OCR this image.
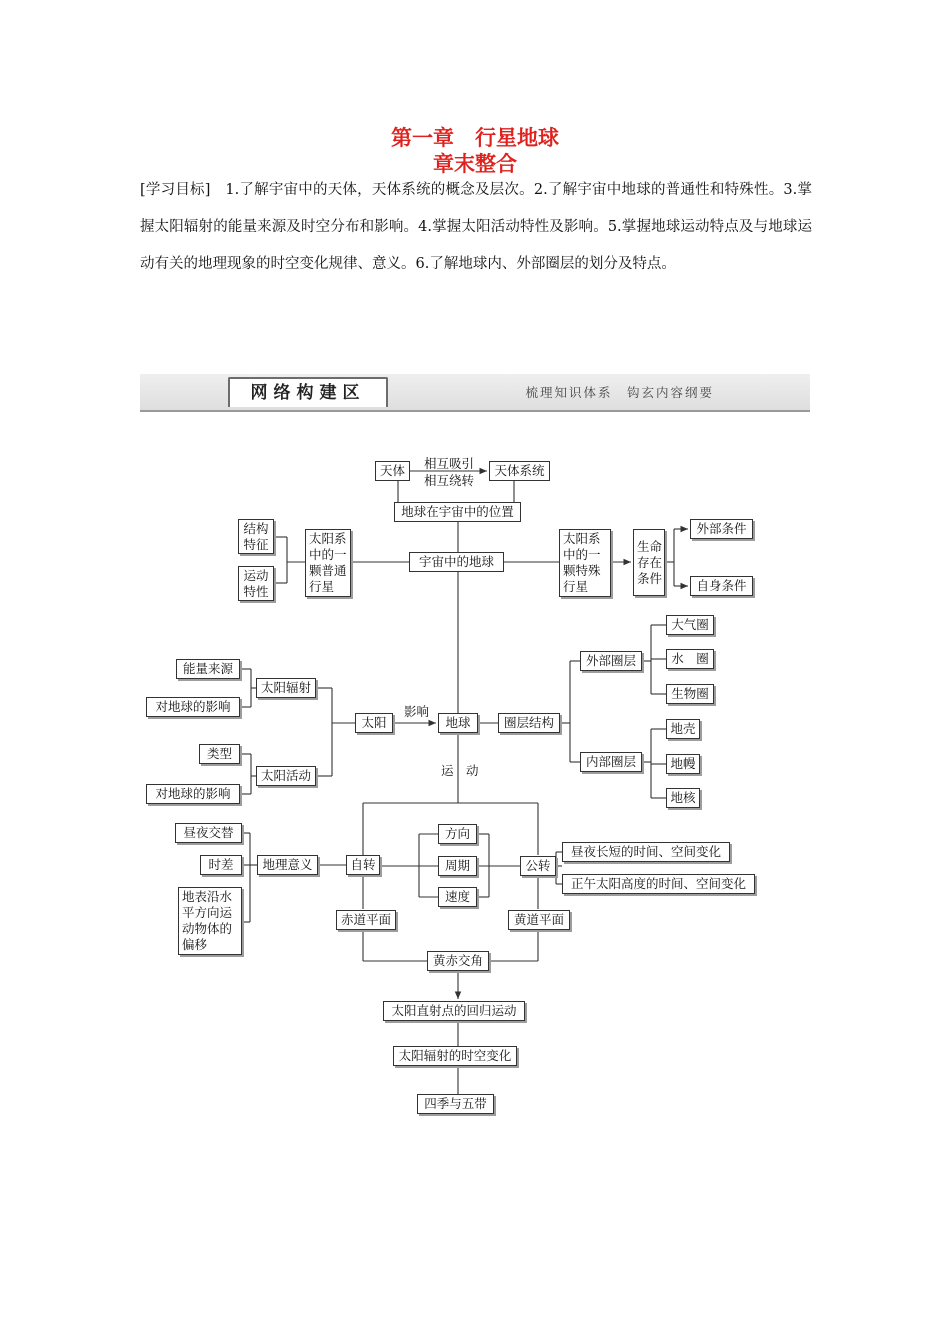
第一章　行星地球
章末整合
[学习目标]　1.了解宇宙中的天体，天体系统的概念及层次。2.了解宇宙中地球的普通性和特殊性。3.掌握太阳辐射的能量来源及时空分布和影响。4.掌握太阳活动特性及影响。5.掌握地球运动特点及与地球运动有关的地理现象的时空变化规律、意义。6.了解地球内、外部圈层的划分及特点。
网络构建区	梳理知识体系　钩玄内容纲要
天体	相互吸引
相互绕转
天体系统
地球在宇宙中的位置
结构
特征
运动
特性
太阳系
中的一
颗普通
行星
宇宙中的地球
太阳系
中的一
颗特殊
行星
生命
存在
条件
外部条件
自身条件
能量来源
太阳辐射
对地球的影响
类型
太阳活动
对地球的影响
太阳
影响
地球	圈层结构
外部圈层
大气圈
水　圈
生物圈
内部圈层
地壳
地幔
地核
运　动
昼夜交替
时差
地表沿水
平方向运
动物体的
偏移
地理意义	自转
方向
周期
速度
公转
昼夜长短的时间、空间变化
正午太阳高度的时间、空间变化
赤道平面	黄道平面
黄赤交角
太阳直射点的回归运动
太阳辐射的时空变化
四季与五带
